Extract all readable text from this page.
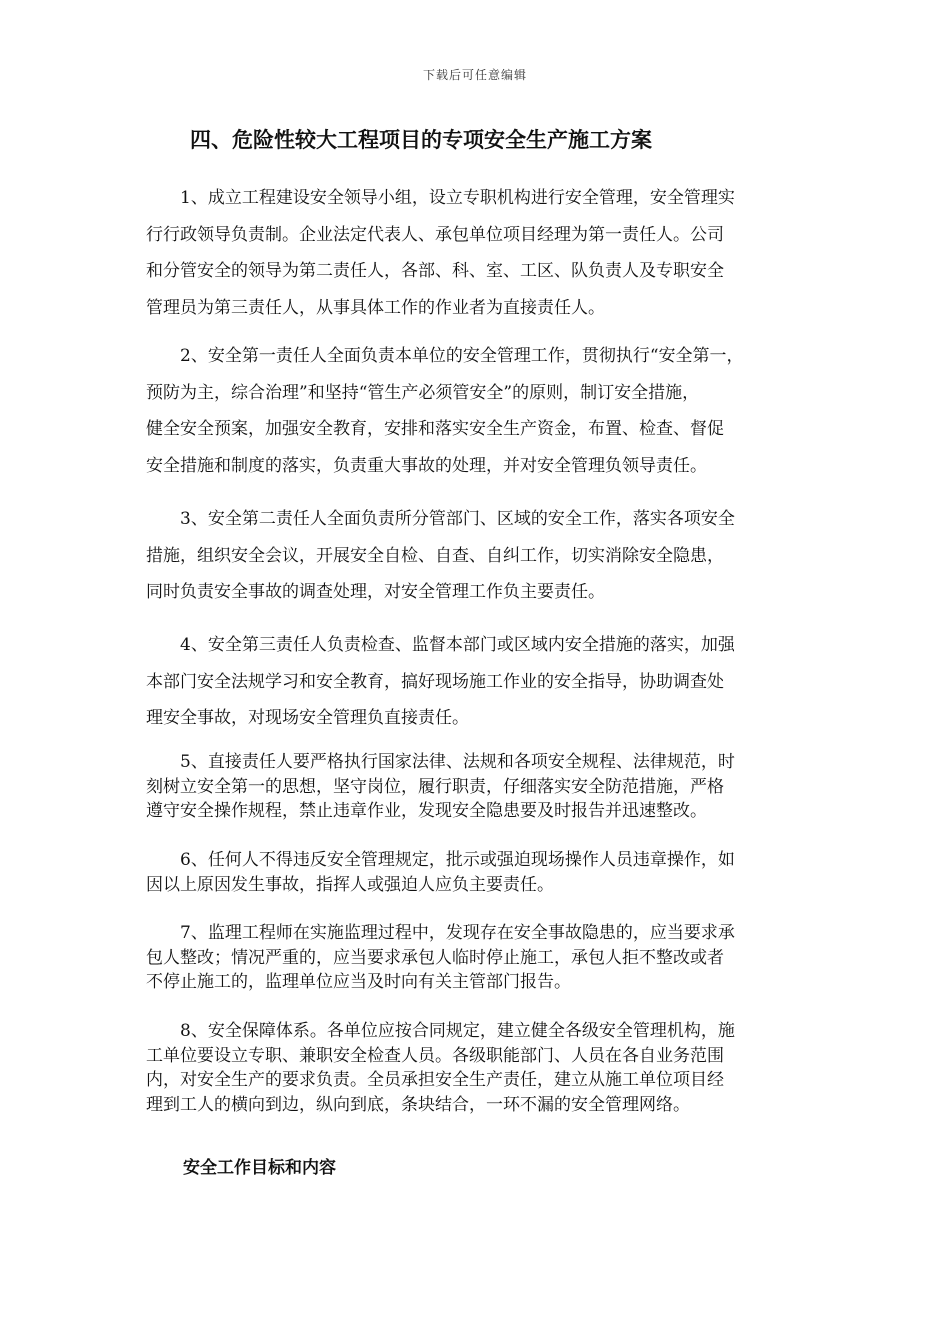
下载后可任意编辑
四、危险性较大工程项目的专项安全生产施工方案

1、成立工程建设安全领导小组，设立专职机构进行安全管理，安全管理实
行行政领导负责制。企业法定代表人、承包单位项目经理为第一责任人。公司
和分管安全的领导为第二责任人，各部、科、室、工区、队负责人及专职安全
管理员为第三责任人，从事具体工作的作业者为直接责任人。

2、安全第一责任人全面负责本单位的安全管理工作，贯彻执行“安全第一，
预防为主，综合治理”和坚持“管生产必须管安全”的原则，制订安全措施，
健全安全预案，加强安全教育，安排和落实安全生产资金，布置、检查、督促
安全措施和制度的落实，负责重大事故的处理，并对安全管理负领导责任。

3、安全第二责任人全面负责所分管部门、区域的安全工作，落实各项安全
措施，组织安全会议，开展安全自检、自查、自纠工作，切实消除安全隐患，
同时负责安全事故的调查处理，对安全管理工作负主要责任。

4、安全第三责任人负责检查、监督本部门或区域内安全措施的落实，加强
本部门安全法规学习和安全教育，搞好现场施工作业的安全指导，协助调查处
理安全事故，对现场安全管理负直接责任。

5、直接责任人要严格执行国家法律、法规和各项安全规程、法律规范，时
刻树立安全第一的思想，坚守岗位，履行职责，仔细落实安全防范措施，严格
遵守安全操作规程，禁止违章作业，发现安全隐患要及时报告并迅速整改。

6、任何人不得违反安全管理规定，批示或强迫现场操作人员违章操作，如
因以上原因发生事故，指挥人或强迫人应负主要责任。

7、监理工程师在实施监理过程中，发现存在安全事故隐患的，应当要求承
包人整改；情况严重的，应当要求承包人临时停止施工，承包人拒不整改或者
不停止施工的，监理单位应当及时向有关主管部门报告。

8、安全保障体系。各单位应按合同规定，建立健全各级安全管理机构，施
工单位要设立专职、兼职安全检查人员。各级职能部门、人员在各自业务范围
内，对安全生产的要求负责。全员承担安全生产责任，建立从施工单位项目经
理到工人的横向到边，纵向到底，条块结合，一环不漏的安全管理网络。

安全工作目标和内容
